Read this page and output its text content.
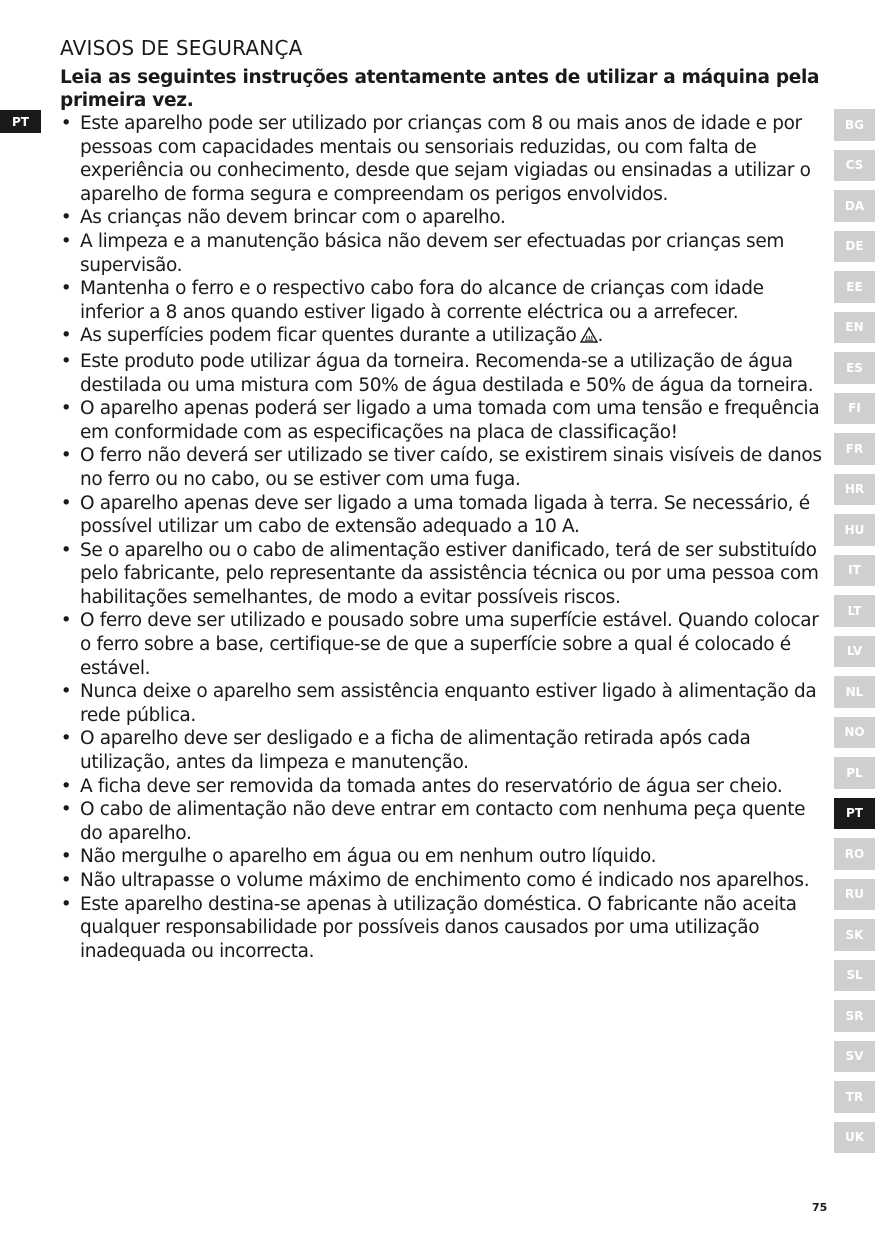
PT
AVISOS DE SEGURANÇA

Leia as seguintes instruções atentamente antes de utilizar a máquina pela primeira vez.

• Este aparelho pode ser utilizado por crianças com 8 ou mais anos de idade e por pessoas com capacidades mentais ou sensoriais reduzidas, ou com falta de experiência ou conhecimento, desde que sejam vigiadas ou ensinadas a utilizar o aparelho de forma segura e compreendam os perigos envolvidos.
• As crianças não devem brincar com o aparelho.
• A limpeza e a manutenção básica não devem ser efectuadas por crianças sem supervisão.
• Mantenha o ferro e o respectivo cabo fora do alcance de crianças com idade inferior a 8 anos quando estiver ligado à corrente eléctrica ou a arrefecer.
• As superfícies podem ficar quentes durante a utilização .
• Este produto pode utilizar água da torneira. Recomenda-se a utilização de água destilada ou uma mistura com 50% de água destilada e 50% de água da torneira.
• O aparelho apenas poderá ser ligado a uma tomada com uma tensão e frequência em conformidade com as especificações na placa de classificação!
• O ferro não deverá ser utilizado se tiver caído, se existirem sinais visíveis de danos no ferro ou no cabo, ou se estiver com uma fuga.
• O aparelho apenas deve ser ligado a uma tomada ligada à terra. Se necessário, é possível utilizar um cabo de extensão adequado a 10 A.
• Se o aparelho ou o cabo de alimentação estiver danificado, terá de ser substituído pelo fabricante, pelo representante da assistência técnica ou por uma pessoa com habilitações semelhantes, de modo a evitar possíveis riscos.
• O ferro deve ser utilizado e pousado sobre uma superfície estável. Quando colocar o ferro sobre a base, certifique-se de que a superfície sobre a qual é colocado é estável.
• Nunca deixe o aparelho sem assistência enquanto estiver ligado à alimentação da rede pública.
• O aparelho deve ser desligado e a ficha de alimentação retirada após cada utilização, antes da limpeza e manutenção.
• A ficha deve ser removida da tomada antes do reservatório de água ser cheio.
• O cabo de alimentação não deve entrar em contacto com nenhuma peça quente do aparelho.
• Não mergulhe o aparelho em água ou em nenhum outro líquido.
• Não ultrapasse o volume máximo de enchimento como é indicado nos aparelhos.
• Este aparelho destina-se apenas à utilização doméstica. O fabricante não aceita qualquer responsabilidade por possíveis danos causados por uma utilização inadequada ou incorrecta.
BG
CS
DA
DE
EE
EN
ES
FI
FR
HR
HU
IT
LT
LV
NL
NO
PL
PT
RO
RU
SK
SL
SR
SV
TR
UK
75
